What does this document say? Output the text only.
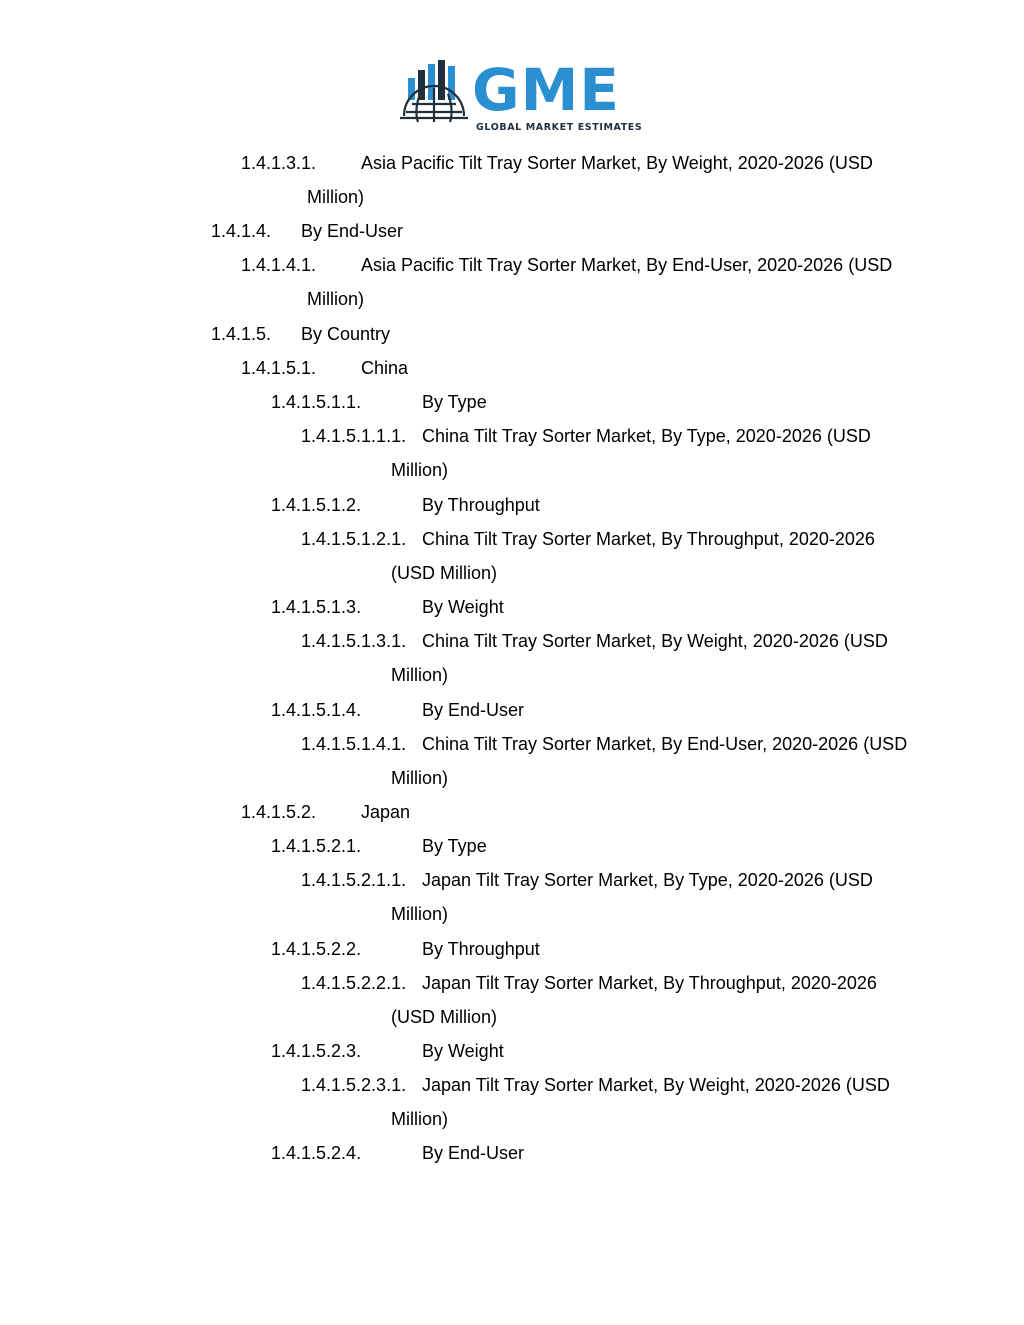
GME
GLOBAL MARKET ESTIMATES
1.4.1.3.1. Asia Pacific Tilt Tray Sorter Market, By Weight, 2020-2026 (USD
Million)
1.4.1.4. By End-User
1.4.1.4.1. Asia Pacific Tilt Tray Sorter Market, By End-User, 2020-2026 (USD
Million)
1.4.1.5. By Country
1.4.1.5.1. China
1.4.1.5.1.1.	By Type
1.4.1.5.1.1.1. China Tilt Tray Sorter Market, By Type, 2020-2026 (USD
Million)
1.4.1.5.1.2.	By Throughput
1.4.1.5.1.2.1. China Tilt Tray Sorter Market, By Throughput, 2020-2026
(USD Million)
1.4.1.5.1.3.	By Weight
1.4.1.5.1.3.1. China Tilt Tray Sorter Market, By Weight, 2020-2026 (USD
Million)
1.4.1.5.1.4.	By End-User
1.4.1.5.1.4.1. China Tilt Tray Sorter Market, By End-User, 2020-2026 (USD
Million)
1.4.1.5.2. Japan
1.4.1.5.2.1.	By Type
1.4.1.5.2.1.1. Japan Tilt Tray Sorter Market, By Type, 2020-2026 (USD
Million)
1.4.1.5.2.2.	By Throughput
1.4.1.5.2.2.1. Japan Tilt Tray Sorter Market, By Throughput, 2020-2026
(USD Million)
1.4.1.5.2.3.	By Weight
1.4.1.5.2.3.1. Japan Tilt Tray Sorter Market, By Weight, 2020-2026 (USD
Million)
1.4.1.5.2.4.	By End-User
